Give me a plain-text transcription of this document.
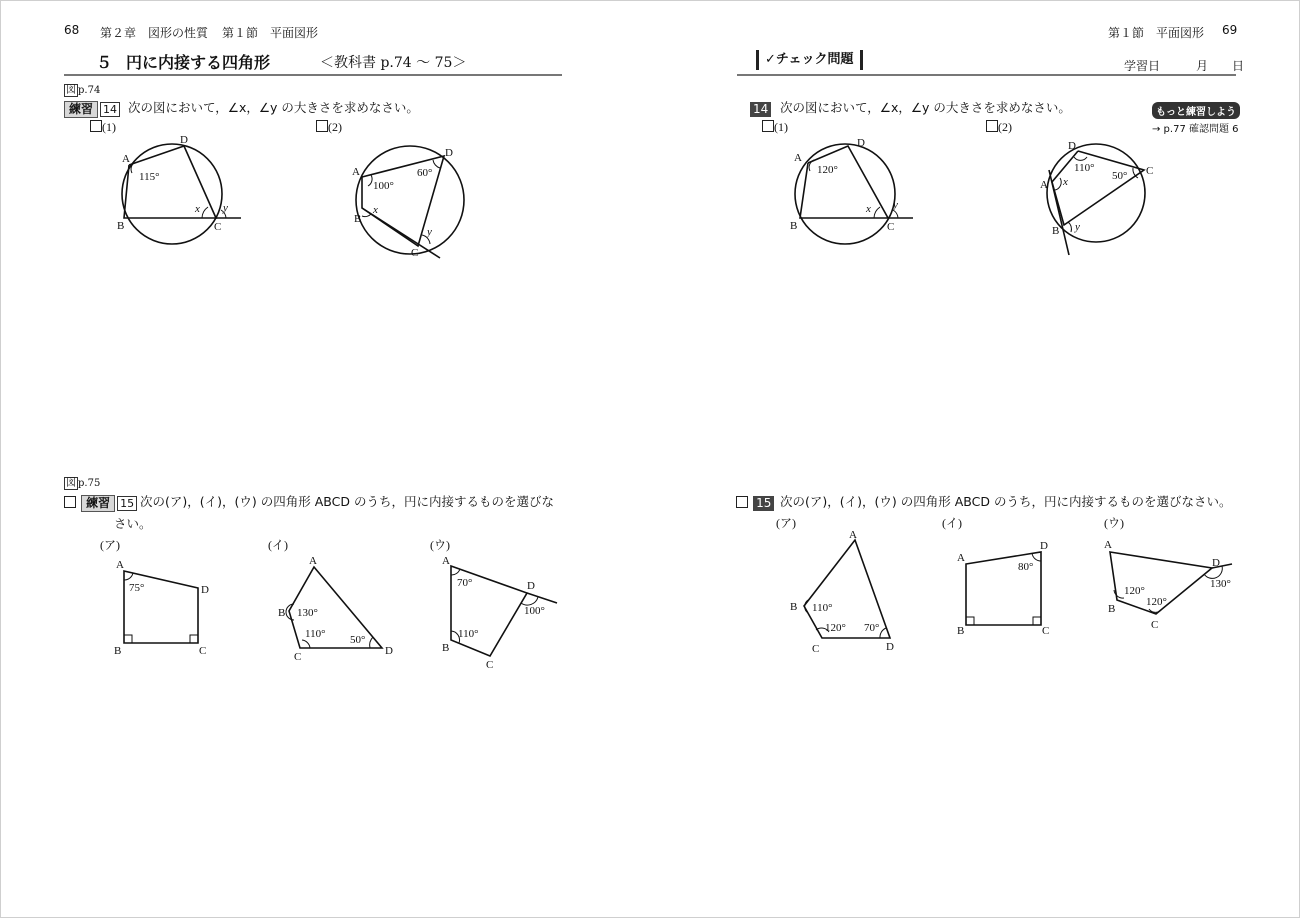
68 第２章　図形の性質 第１節　平面図形
５ 円に内接する四角形	＜教科書 p.74 ～ 75＞
図 p.74
練習 14 次の図において，∠x，∠y の大きさを求めなさい。
(1)	(2)
A
D
B	C
115°
x y
A
D
B
C
100°
60°
x
y
図 p.75
練習 15 次の(ア)，(イ)，(ウ) の四角形 ABCD のうち，円に内接するものを選びな
さい。
(ア)	(イ)	(ウ)
A
D
B	C
75°
A
B
C	D
130°
110° 50°
A
B
C
D
70°
110°
100°
第１節　平面図形 69
✓チェック問題	学習日　　　月　　日
14 次の図において，∠x，∠y の大きさを求めなさい。	もっと練習しよう
→ p.77 確認問題 6
(1)	(2)
A
D
B	C
120°
x y
D
C
A
B
110°
50°
x
y
15 次の(ア)，(イ)，(ウ) の四角形 ABCD のうち，円に内接するものを選びなさい。
(ア)	(イ)	(ウ)
A
B
C	D
110°
120° 70°
A
D
B	C
80°
A
B
C
D
120°
120°
130°
